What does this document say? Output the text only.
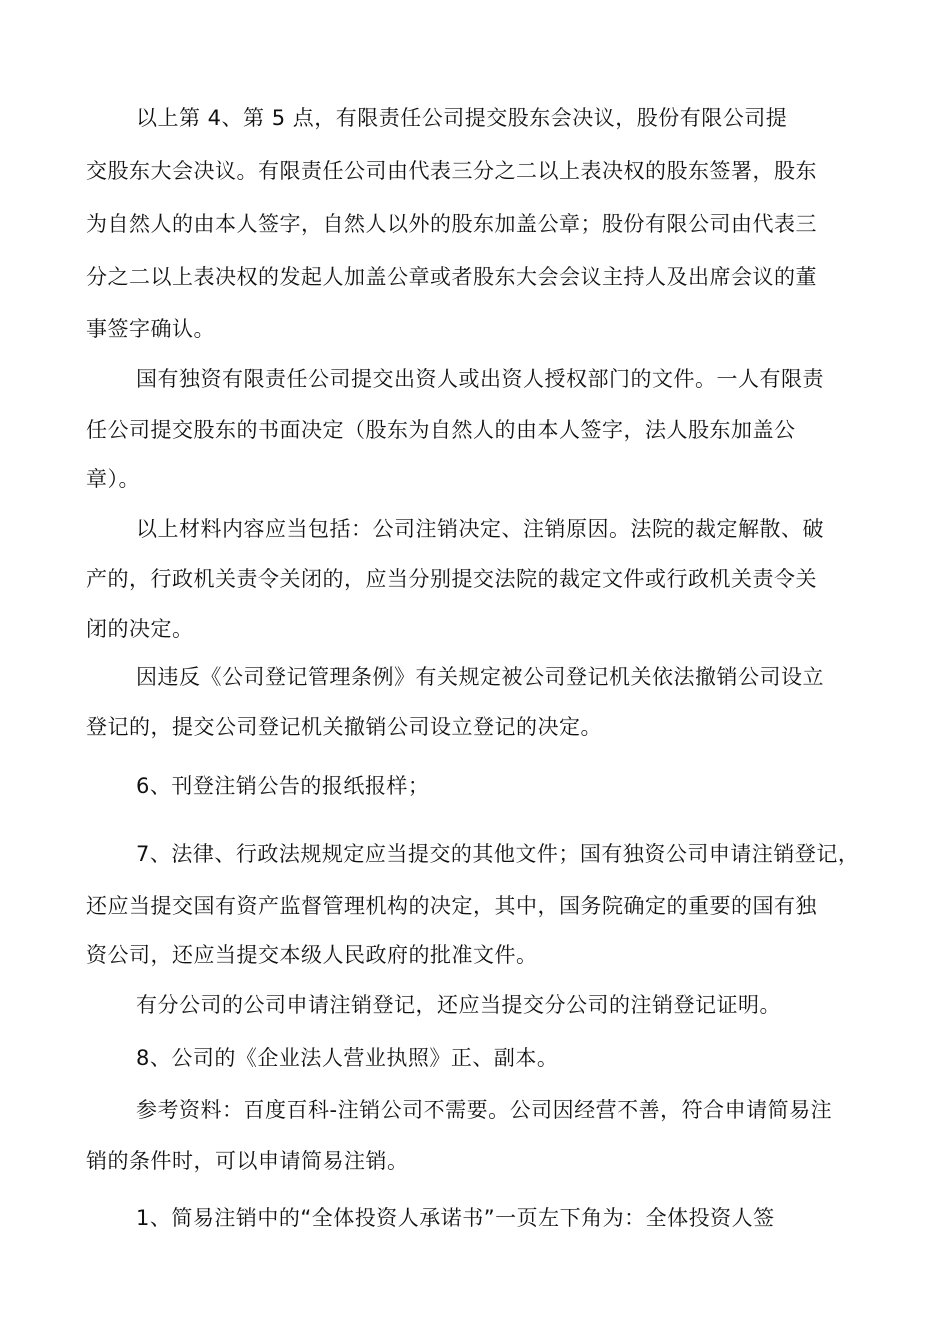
以上第 4、第 5 点，有限责任公司提交股东会决议，股份有限公司提
交股东大会决议。有限责任公司由代表三分之二以上表决权的股东签署，股东
为自然人的由本人签字，自然人以外的股东加盖公章；股份有限公司由代表三
分之二以上表决权的发起人加盖公章或者股东大会会议主持人及出席会议的董
事签字确认。
国有独资有限责任公司提交出资人或出资人授权部门的文件。一人有限责
任公司提交股东的书面决定（股东为自然人的由本人签字，法人股东加盖公
章）。
以上材料内容应当包括：公司注销决定、注销原因。法院的裁定解散、破
产的，行政机关责令关闭的，应当分别提交法院的裁定文件或行政机关责令关
闭的决定。
因违反《公司登记管理条例》有关规定被公司登记机关依法撤销公司设立
登记的，提交公司登记机关撤销公司设立登记的决定。
6、刊登注销公告的报纸报样；
7、法律、行政法规规定应当提交的其他文件；国有独资公司申请注销登记，
还应当提交国有资产监督管理机构的决定，其中，国务院确定的重要的国有独
资公司，还应当提交本级人民政府的批准文件。
有分公司的公司申请注销登记，还应当提交分公司的注销登记证明。
8、公司的《企业法人营业执照》正、副本。
参考资料：百度百科-注销公司不需要。公司因经营不善，符合申请简易注
销的条件时，可以申请简易注销。
1、简易注销中的“全体投资人承诺书”一页左下角为：全体投资人签
